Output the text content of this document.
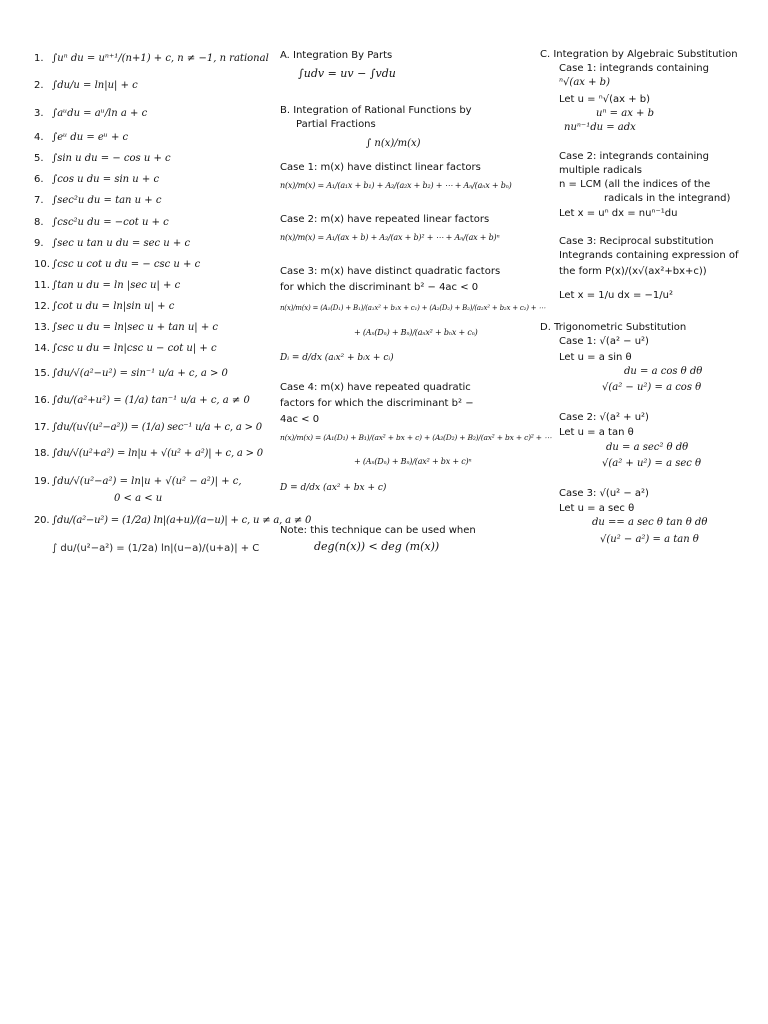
1. ∫uⁿ du = uⁿ⁺¹/(n+1) + c, n ≠ −1, n rational
2. ∫du/u = ln|u| + c
3. ∫aᵘdu = aᵘ/ln a + c
4. ∫eᵘ du = eᵘ + c
5. ∫sin u du = − cos u + c
6. ∫cos u du = sin u + c
7. ∫sec²u du = tan u + c
8. ∫csc²u du = −cot u + c
9. ∫sec u tan u du = sec u + c
10. ∫csc u cot u du = − csc u + c
11. ∫tan u du = ln |sec u| + c
12. ∫cot u du = ln|sin u| + c
13. ∫sec u du = ln|sec u + tan u| + c
14. ∫csc u du = ln|csc u − cot u| + c
15. ∫du/√(a²−u²) = sin⁻¹ u/a + c, a > 0
16. ∫du/(a²+u²) = (1/a) tan⁻¹ u/a + c, a ≠ 0
17. ∫du/(u√(u²−a²)) = (1/a) sec⁻¹ u/a + c, a > 0
18. ∫du/√(u²+a²) = ln|u + √(u² + a²)| + c, a > 0
19. ∫du/√(u²−a²) = ln|u + √(u² − a²)| + c,
0 < a < u
20. ∫du/(a²−u²) = (1/2a) ln|(a+u)/(a−u)| + c, u ≠ a, a ≠ 0
∫ du/(u²−a²) = (1/2a) ln|(u−a)/(u+a)| + C
A. Integration By Parts
∫udv = uv − ∫vdu
B. Integration of Rational Functions by
Partial Fractions
∫ n(x)/m(x)
Case 1: m(x) have distinct linear factors
n(x)/m(x) = A₁/(a₁x + b₁) + A₂/(a₂x + b₂) + ⋯ + Aₙ/(aₙx + bₙ)
Case 2: m(x) have repeated linear factors
n(x)/m(x) = A₁/(ax + b) + A₂/(ax + b)² + ⋯ + Aₙ/(ax + b)ⁿ
Case 3: m(x) have distinct quadratic factors
for which the discriminant b² − 4ac < 0
n(x)/m(x) = (A₁(D₁) + B₁)/(a₁x² + b₁x + c₁) + (A₂(D₂) + B₂)/(a₂x² + b₂x + c₂) + ⋯
+ (Aₙ(Dₙ) + Bₙ)/(aₙx² + bₙx + cₙ)
Dᵢ = d/dx (aᵢx² + bᵢx + cᵢ)
Case 4: m(x) have repeated quadratic
factors for which the discriminant b² −
4ac < 0
n(x)/m(x) = (A₁(D₁) + B₁)/(ax² + bx + c) + (A₂(D₂) + B₂)/(ax² + bx + c)² + ⋯
+ (Aₙ(Dₙ) + Bₙ)/(ax² + bx + c)ⁿ
D = d/dx (ax² + bx + c)
Note: this technique can be used when
deg(n(x)) < deg (m(x))
C. Integration by Algebraic Substitution
Case 1: integrands containing
ⁿ√(ax + b)
Let u = ⁿ√(ax + b)
uⁿ = ax + b
nuⁿ⁻¹du = adx
Case 2: integrands containing
multiple radicals
n = LCM (all the indices of the
radicals in the integrand)
Let x = uⁿ dx = nuⁿ⁻¹du
Case 3: Reciprocal substitution
Integrands containing expression of
the form P(x)/(x√(ax²+bx+c))
Let x = 1/u dx = −1/u²
D. Trigonometric Substitution
Case 1: √(a² − u²)
Let u = a sin θ
du = a cos θ dθ
√(a² − u²) = a cos θ
Case 2: √(a² + u²)
Let u = a tan θ
du = a sec² θ dθ
√(a² + u²) = a sec θ
Case 3: √(u² − a²)
Let u = a sec θ
du == a sec θ tan θ dθ
√(u² − a²) = a tan θ
